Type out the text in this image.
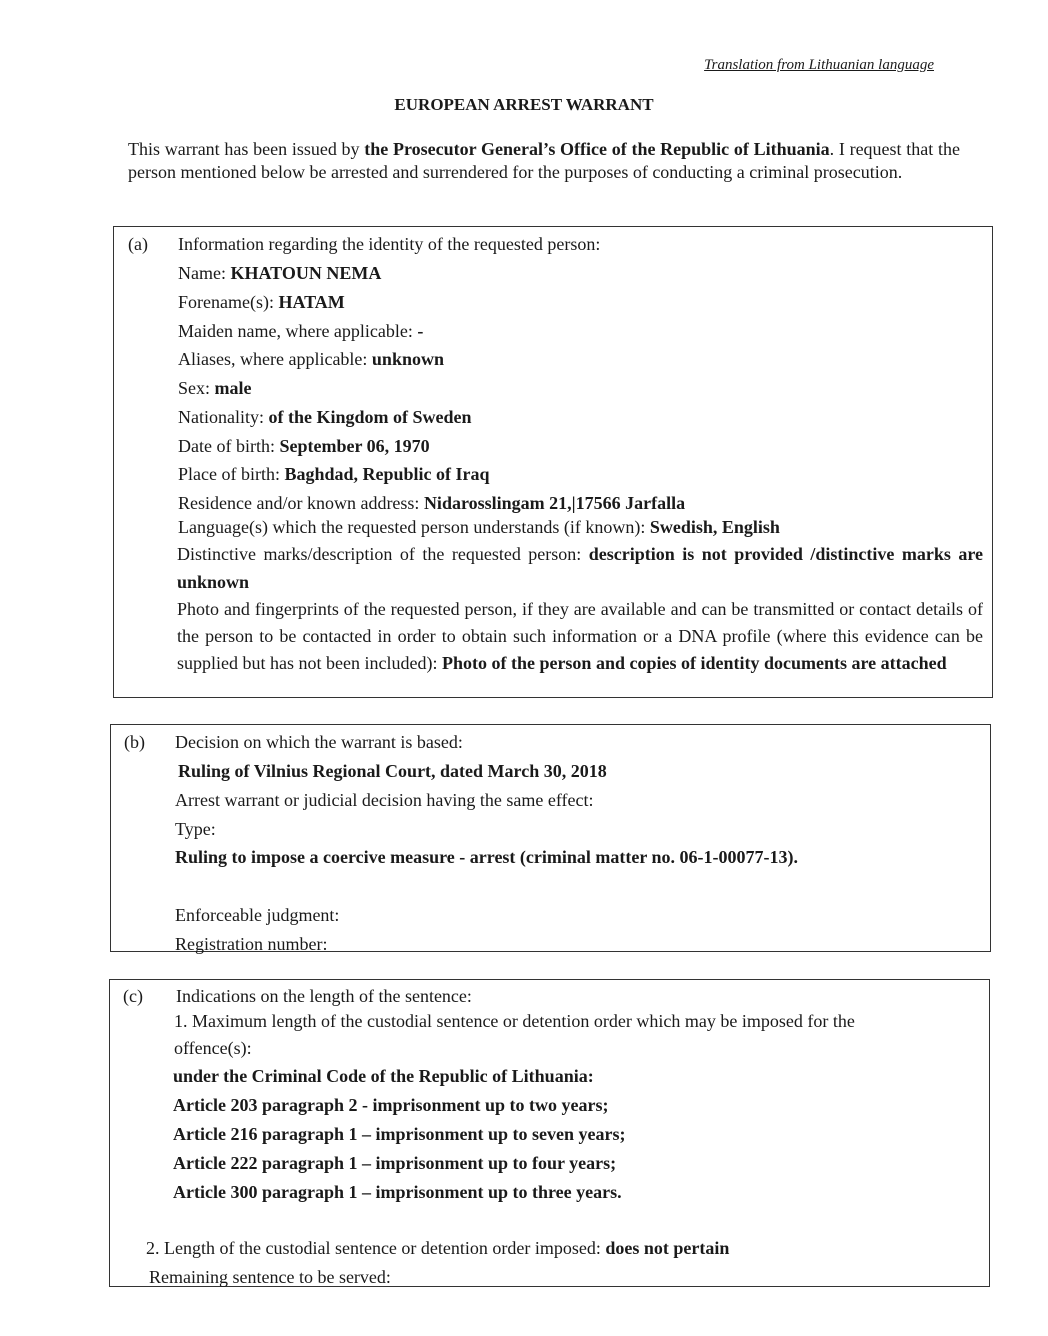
Translation from Lithuanian language
EUROPEAN ARREST WARRANT
This warrant has been issued by the Prosecutor General’s Office of the Republic of Lithuania. I request that the person mentioned below be arrested and surrendered for the purposes of conducting a criminal prosecution.
(a) Information regarding the identity of the requested person:
Name: KHATOUN NEMA
Forename(s): HATAM
Maiden name, where applicable: -
Aliases, where applicable: unknown
Sex: male
Nationality: of the Kingdom of Sweden
Date of birth: September 06, 1970
Place of birth: Baghdad, Republic of Iraq
Residence and/or known address: Nidarosslingam 21,|17566 Jarfalla
Language(s) which the requested person understands (if known): Swedish, English
Distinctive marks/description of the requested person: description is not provided /distinctive marks are unknown
Photo and fingerprints of the requested person, if they are available and can be transmitted or contact details of the person to be contacted in order to obtain such information or a DNA profile (where this evidence can be supplied but has not been included): Photo of the person and copies of identity documents are attached
(b) Decision on which the warrant is based:
Ruling of Vilnius Regional Court, dated March 30, 2018
Arrest warrant or judicial decision having the same effect:
Type:
Ruling to impose a coercive measure - arrest (criminal matter no. 06-1-00077-13).
Enforceable judgment:
Registration number:
(c) Indications on the length of the sentence:
1. Maximum length of the custodial sentence or detention order which may be imposed for the offence(s):
under the Criminal Code of the Republic of Lithuania:
Article 203 paragraph 2 - imprisonment up to two years;
Article 216 paragraph 1 – imprisonment up to seven years;
Article 222 paragraph 1 – imprisonment up to four years;
Article 300 paragraph 1 – imprisonment up to three years.
2. Length of the custodial sentence or detention order imposed: does not pertain
Remaining sentence to be served:
